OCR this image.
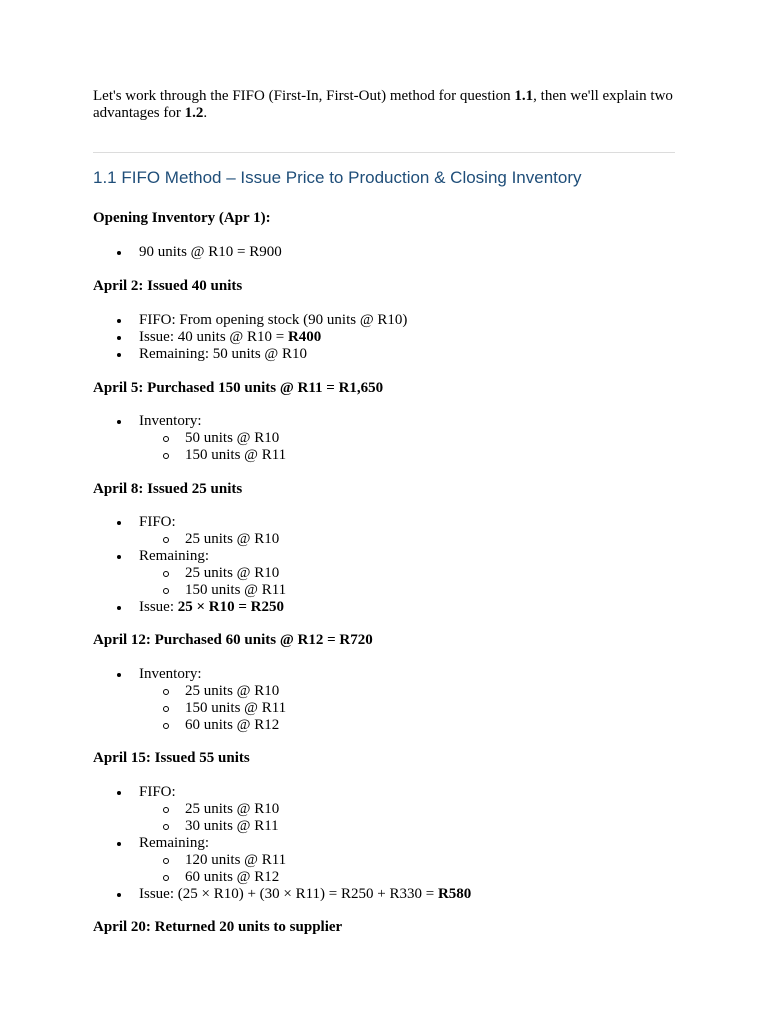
Let's work through the FIFO (First-In, First-Out) method for question 1.1, then we'll explain two advantages for 1.2.

1.1 FIFO Method – Issue Price to Production & Closing Inventory

Opening Inventory (Apr 1):

90 units @ R10 = R900

April 2: Issued 40 units

FIFO: From opening stock (90 units @ R10)
Issue: 40 units @ R10 = R400
Remaining: 50 units @ R10

April 5: Purchased 150 units @ R11 = R1,650

Inventory:
50 units @ R10
150 units @ R11

April 8: Issued 25 units

FIFO:
25 units @ R10
Remaining:
25 units @ R10
150 units @ R11
Issue: 25 × R10 = R250

April 12: Purchased 60 units @ R12 = R720

Inventory:
25 units @ R10
150 units @ R11
60 units @ R12

April 15: Issued 55 units

FIFO:
25 units @ R10
30 units @ R11
Remaining:
120 units @ R11
60 units @ R12
Issue: (25 × R10) + (30 × R11) = R250 + R330 = R580

April 20: Returned 20 units to supplier
